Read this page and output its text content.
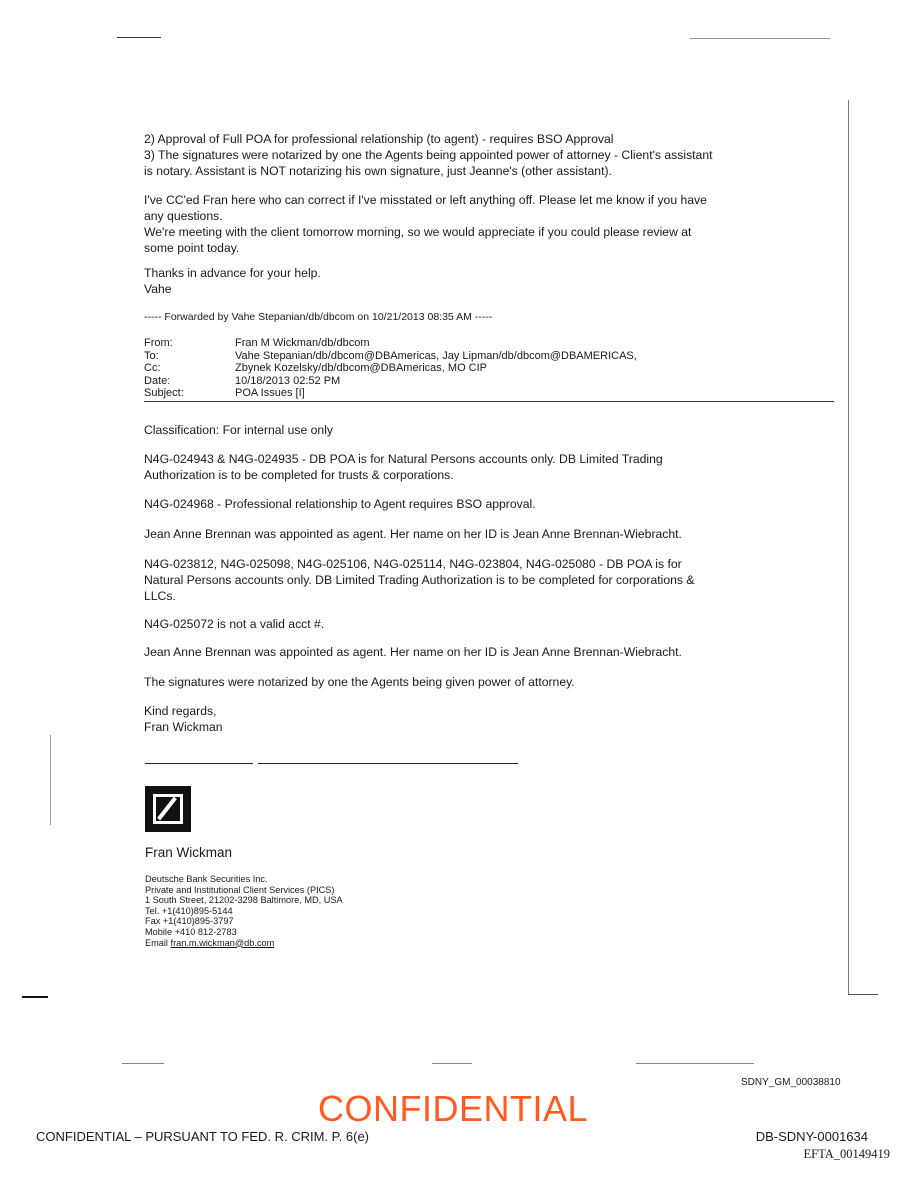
2) Approval of Full POA for professional relationship (to agent) - requires BSO Approval
3) The signatures were notarized by one the Agents being appointed power of attorney - Client's assistant
is notary. Assistant is NOT notarizing his own signature, just Jeanne's (other assistant).
I've CC'ed Fran here who can correct if I've misstated or left anything off. Please let me know if you have
any questions.
We're meeting with the client tomorrow morning, so we would appreciate if you could please review at
some point today.
Thanks in advance for your help.
Vahe
----- Forwarded by Vahe Stepanian/db/dbcom on 10/21/2013 08:35 AM -----
From:	Fran M Wickman/db/dbcom
To:	Vahe Stepanian/db/dbcom@DBAmericas, Jay Lipman/db/dbcom@DBAMERICAS,
Cc:	Zbynek Kozelsky/db/dbcom@DBAmericas, MO CIP
Date:	10/18/2013 02:52 PM
Subject:	POA Issues [I]
Classification: For internal use only
N4G-024943 & N4G-024935 - DB POA is for Natural Persons accounts only. DB Limited Trading
Authorization is to be completed for trusts & corporations.
N4G-024968 - Professional relationship to Agent requires BSO approval.
Jean Anne Brennan was appointed as agent. Her name on her ID is Jean Anne Brennan-Wiebracht.
N4G-023812, N4G-025098, N4G-025106, N4G-025114, N4G-023804, N4G-025080 - DB POA is for
Natural Persons accounts only. DB Limited Trading Authorization is to be completed for corporations &
LLCs.
N4G-025072 is not a valid acct #.
Jean Anne Brennan was appointed as agent. Her name on her ID is Jean Anne Brennan-Wiebracht.
The signatures were notarized by one the Agents being given power of attorney.
Kind regards,
Fran Wickman
Fran Wickman
Deutsche Bank Securities Inc.
Private and Institutional Client Services (PICS)
1 South Street, 21202-3298 Baltimore, MD, USA
Tel. +1(410)895-5144
Fax +1(410)895-3797
Mobile +410 812-2783
Email fran.m.wickman@db.com
SDNY_GM_00038810
CONFIDENTIAL
CONFIDENTIAL – PURSUANT TO FED. R. CRIM. P. 6(e)	DB-SDNY-0001634
EFTA_00149419
